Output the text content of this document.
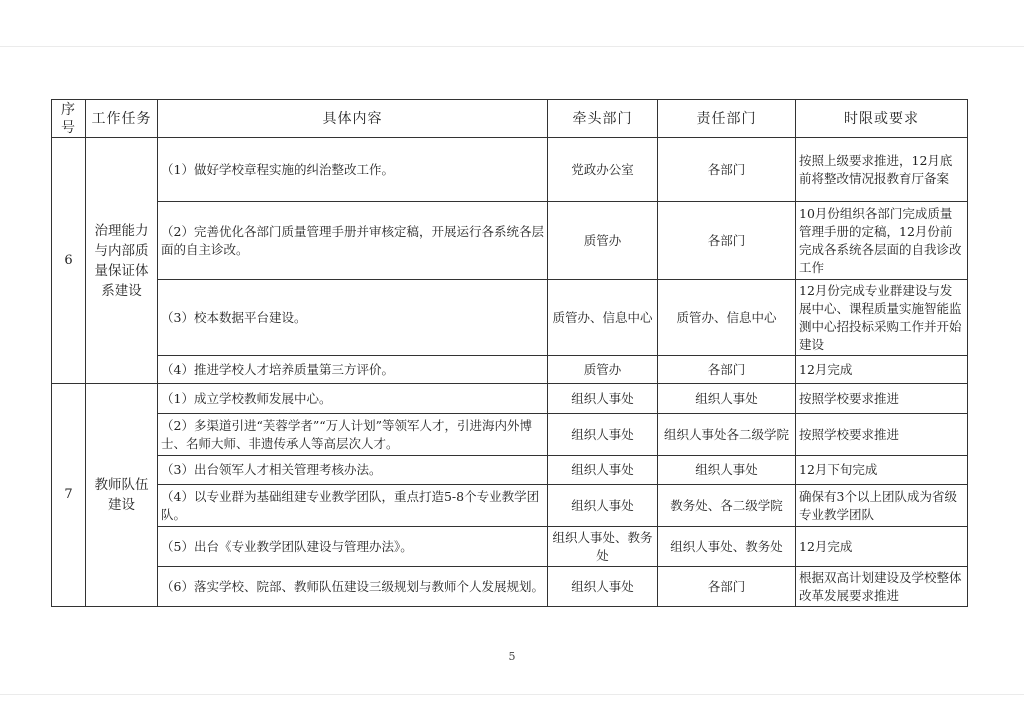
序号	工作任务	具体内容	牵头部门	责任部门	时限或要求
6	治理能力与内部质量保证体系建设	（1）做好学校章程实施的纠治整改工作。	党政办公室	各部门	按照上级要求推进，12月底前将整改情况报教育厅备案
		（2）完善优化各部门质量管理手册并审核定稿，开展运行各系统各层面的自主诊改。	质管办	各部门	10月份组织各部门完成质量管理手册的定稿，12月份前完成各系统各层面的自我诊改工作
		（3）校本数据平台建设。	质管办、信息中心	质管办、信息中心	12月份完成专业群建设与发展中心、课程质量实施智能监测中心招投标采购工作并开始建设
		（4）推进学校人才培养质量第三方评价。	质管办	各部门	12月完成
7	教师队伍建设	（1）成立学校教师发展中心。	组织人事处	组织人事处	按照学校要求推进
		（2）多渠道引进“芙蓉学者”“万人计划”等领军人才，引进海内外博士、名师大师、非遗传承人等高层次人才。	组织人事处	组织人事处各二级学院	按照学校要求推进
		（3）出台领军人才相关管理考核办法。	组织人事处	组织人事处	12月下旬完成
		（4）以专业群为基础组建专业教学团队，重点打造5-8个专业教学团队。	组织人事处	教务处、各二级学院	确保有3个以上团队成为省级专业教学团队
		（5）出台《专业教学团队建设与管理办法》。	组织人事处、教务处	组织人事处、教务处	12月完成
		（6）落实学校、院部、教师队伍建设三级规划与教师个人发展规划。	组织人事处	各部门	根据双高计划建设及学校整体改革发展要求推进
5
